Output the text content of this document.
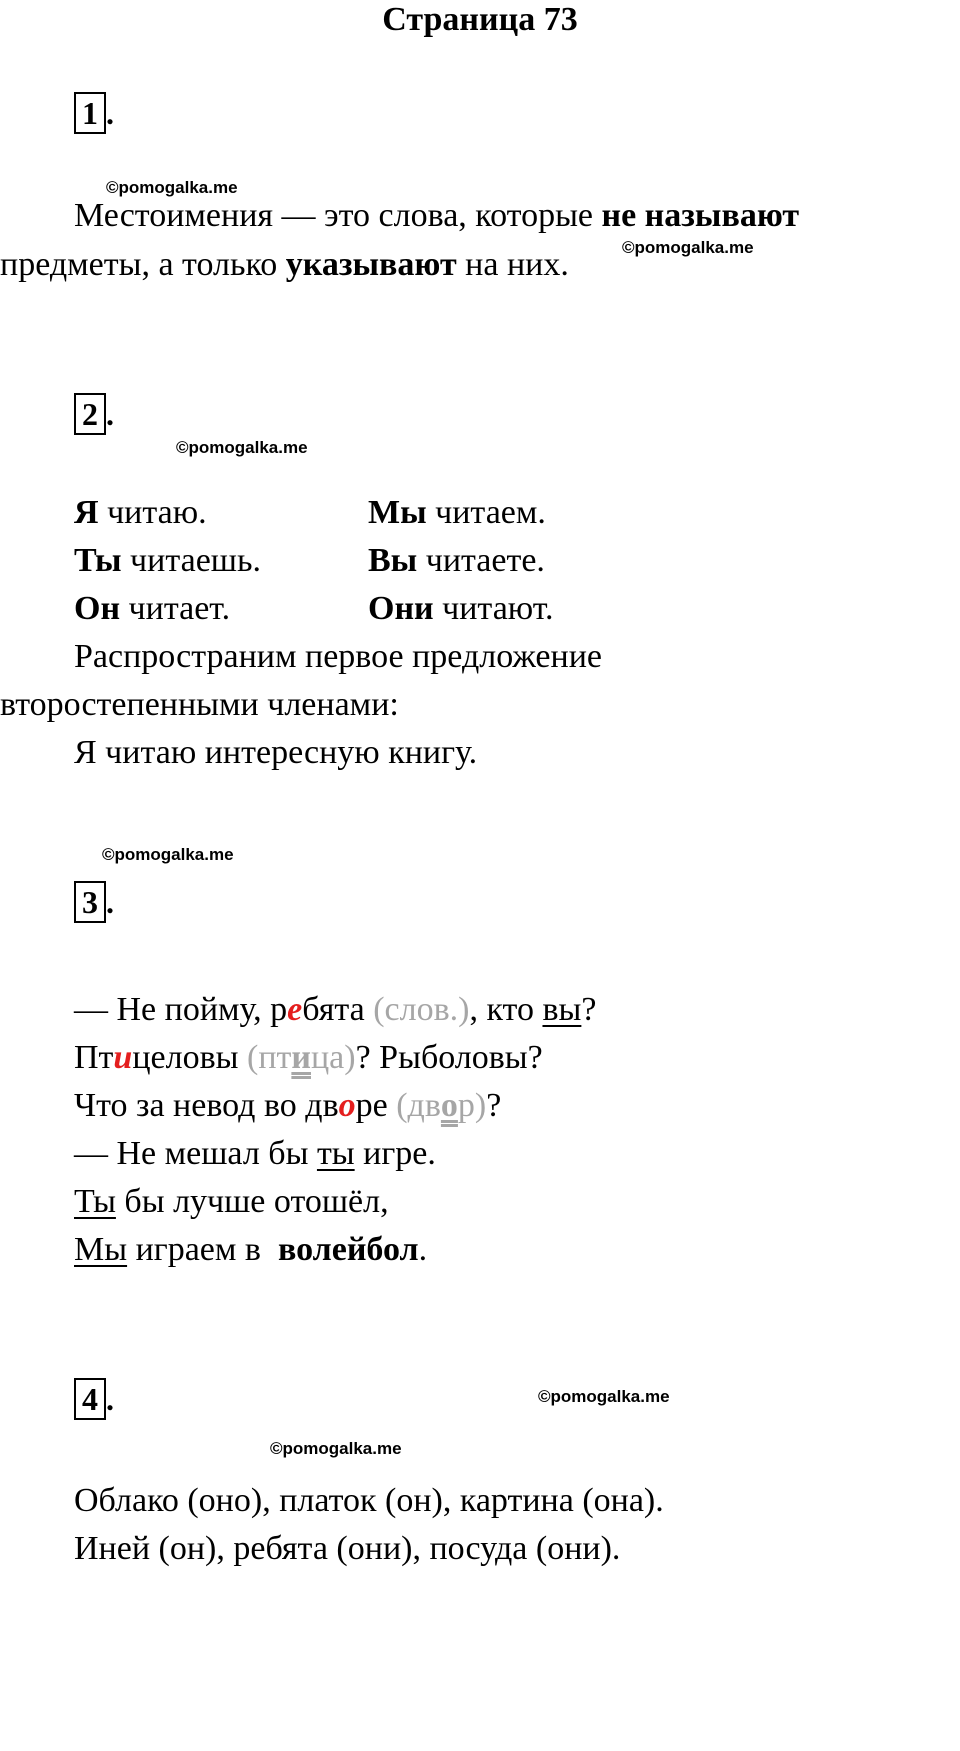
Страница 73
1 .
©pomogalka.me
Местоимения — это слова, которые не называют
©pomogalka.me
предметы, а только указывают на них.
2 .
©pomogalka.me
Я читаю.
Ты читаешь.
Он читает.
Мы читаем.
Вы читаете.
Они читают.
Распространим первое предложение
второстепенными членами:
Я читаю интересную книгу.
©pomogalka.me
3 .
— Не пойму, ребята (слов.), кто вы?
Птицеловы (птица)? Рыболовы?
Что за невод во дворе (двор)?
— Не мешал бы ты игре.
Ты бы лучше отошёл,
Мы играем в  волейбол.
4 .	©pomogalka.me
©pomogalka.me
Облако (оно), платок (он), картина (она).
Иней (он), ребята (они), посуда (они).
